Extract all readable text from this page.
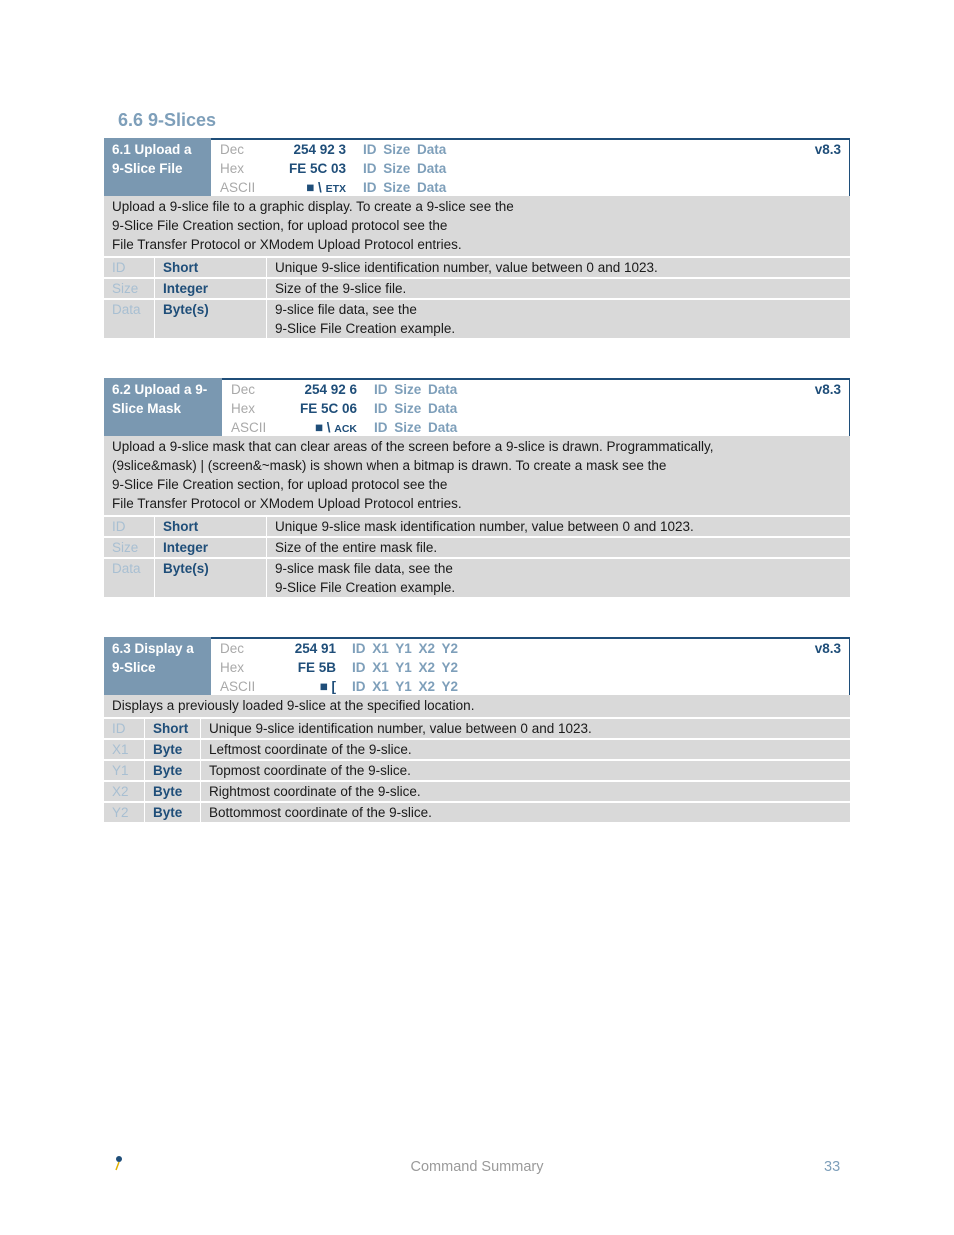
6.6 9-Slices
6.1 Upload a
9-Slice File
Dec	254 92 3 ID Size Data
Hex	FE 5C 03 ID Size Data
ASCII	■ \ ETX ID Size Data
v8.3
Upload a 9-slice file to a graphic display. To create a 9-slice see the
9-Slice File Creation section, for upload protocol see the
File Transfer Protocol or XModem Upload Protocol entries.
ID	Short	Unique 9-slice identification number, value between 0 and 1023.
Size	Integer	Size of the 9-slice file.
Data	Byte(s)	9-slice file data, see the
9-Slice File Creation example.
6.2 Upload a 9-
Slice Mask
Dec	254 92 6 ID Size Data
Hex	FE 5C 06 ID Size Data
ASCII	■ \ ACK ID Size Data
v8.3
Upload a 9-slice mask that can clear areas of the screen before a 9-slice is drawn. Programmatically,
(9slice&mask) | (screen&~mask) is shown when a bitmap is drawn. To create a mask see the
9-Slice File Creation section, for upload protocol see the
File Transfer Protocol or XModem Upload Protocol entries.
ID	Short	Unique 9-slice mask identification number, value between 0 and 1023.
Size	Integer	Size of the entire mask file.
Data	Byte(s)	9-slice mask file data, see the
9-Slice File Creation example.
6.3 Display a
9-Slice
Dec	254 91 ID X1 Y1 X2 Y2
Hex	FE 5B ID X1 Y1 X2 Y2
ASCII	■ [ ID X1 Y1 X2 Y2
v8.3
Displays a previously loaded 9-slice at the specified location.
ID	Short	Unique 9-slice identification number, value between 0 and 1023.
X1	Byte	Leftmost coordinate of the 9-slice.
Y1	Byte	Topmost coordinate of the 9-slice.
X2	Byte	Rightmost coordinate of the 9-slice.
Y2	Byte	Bottommost coordinate of the 9-slice.
Command Summary	33
